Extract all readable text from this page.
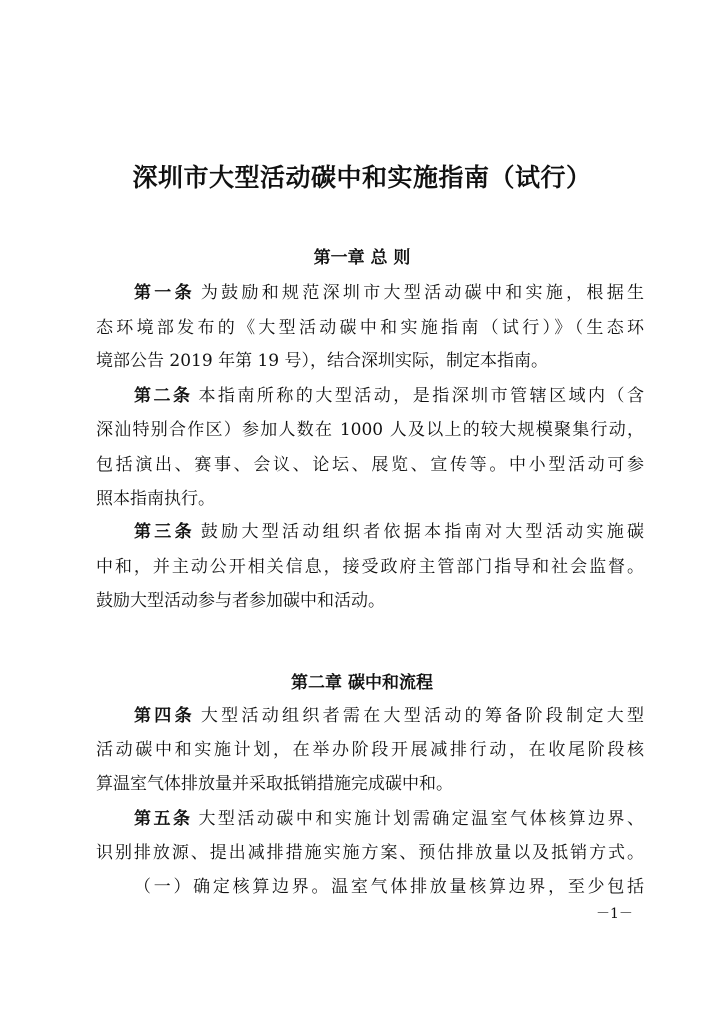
深圳市大型活动碳中和实施指南（试行）
第一章 总 则
第一条 为鼓励和规范深圳市大型活动碳中和实施，根据生
态环境部发布的《大型活动碳中和实施指南（试行）》（生态环
境部公告 2019 年第 19 号），结合深圳实际，制定本指南。
第二条 本指南所称的大型活动，是指深圳市管辖区域内（含
深汕特别合作区）参加人数在 1000 人及以上的较大规模聚集行动，
包括演出、赛事、会议、论坛、展览、宣传等。中小型活动可参
照本指南执行。
第三条 鼓励大型活动组织者依据本指南对大型活动实施碳
中和，并主动公开相关信息，接受政府主管部门指导和社会监督。
鼓励大型活动参与者参加碳中和活动。
第二章 碳中和流程
第四条 大型活动组织者需在大型活动的筹备阶段制定大型
活动碳中和实施计划，在举办阶段开展减排行动，在收尾阶段核
算温室气体排放量并采取抵销措施完成碳中和。
第五条 大型活动碳中和实施计划需确定温室气体核算边界、
识别排放源、提出减排措施实施方案、预估排放量以及抵销方式。
（一）确定核算边界。温室气体排放量核算边界，至少包括
－1－
